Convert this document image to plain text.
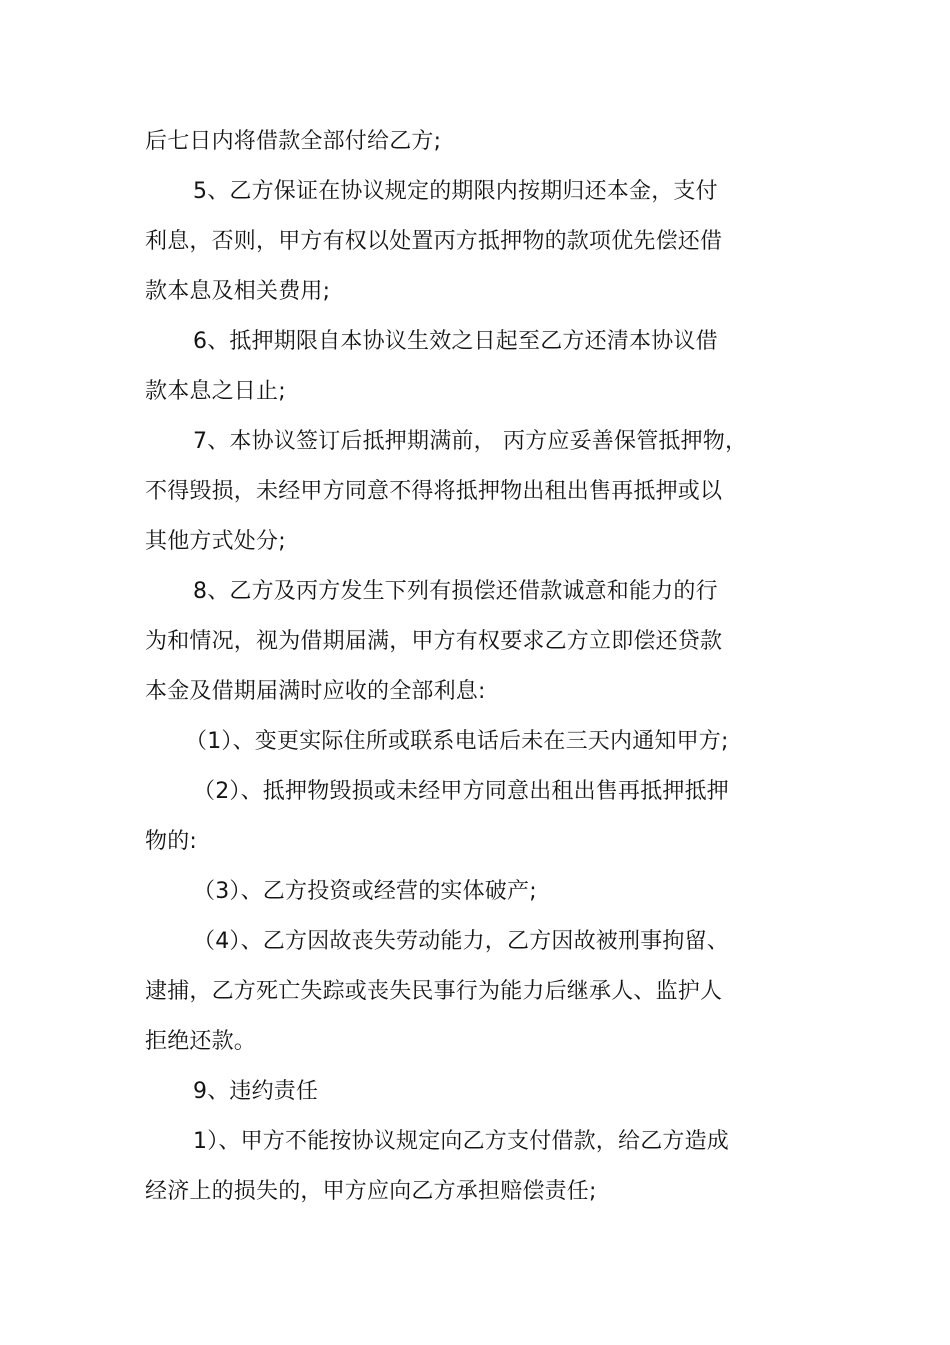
后七日内将借款全部付给乙方;

5、乙方保证在协议规定的期限内按期归还本金，支付

利息，否则，甲方有权以处置丙方抵押物的款项优先偿还借

款本息及相关费用;

6、抵押期限自本协议生效之日起至乙方还清本协议借

款本息之日止;

7、本协议签订后抵押期满前， 丙方应妥善保管抵押物，

不得毁损，未经甲方同意不得将抵押物出租出售再抵押或以

其他方式处分;

8、乙方及丙方发生下列有损偿还借款诚意和能力的行

为和情况，视为借期届满，甲方有权要求乙方立即偿还贷款

本金及借期届满时应收的全部利息:

（1）、变更实际住所或联系电话后未在三天内通知甲方;

（2）、抵押物毁损或未经甲方同意出租出售再抵押抵押

物的:

（3）、乙方投资或经营的实体破产;

（4）、乙方因故丧失劳动能力，乙方因故被刑事拘留、

逮捕，乙方死亡失踪或丧失民事行为能力后继承人、监护人

拒绝还款。

9、违约责任

1）、甲方不能按协议规定向乙方支付借款，给乙方造成

经济上的损失的，甲方应向乙方承担赔偿责任;
